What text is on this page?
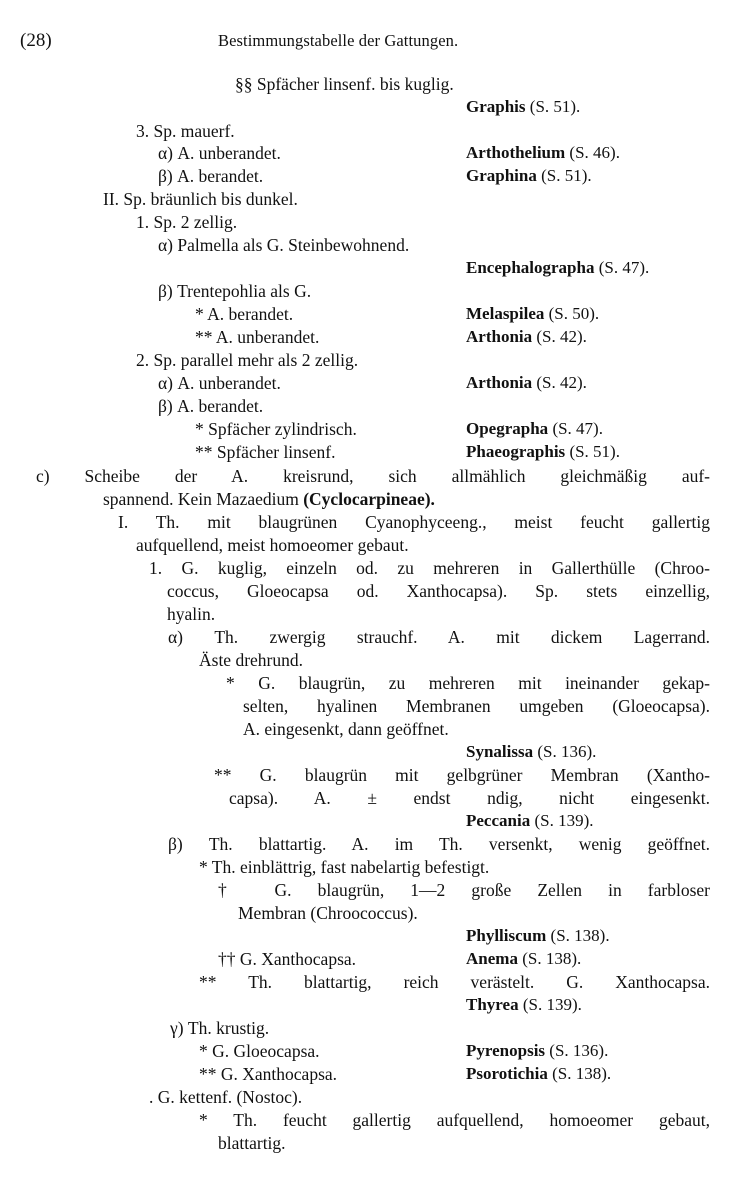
(28)	Bestimmungstabelle der Gattungen.
§§ Spfächer linsenf. bis kuglig.
Graphis (S. 51).
3. Sp. mauerf.
α) A. unberandet.	Arthothelium (S. 46).
β) A. berandet.	Graphina (S. 51).
II. Sp. bräunlich bis dunkel.
1. Sp. 2 zellig.
α) Palmella als G. Steinbewohnend.
Encephalographa (S. 47).
β) Trentepohlia als G.
* A. berandet.	Melaspilea (S. 50).
** A. unberandet.	Arthonia (S. 42).
2. Sp. parallel mehr als 2 zellig.
α) A. unberandet.	Arthonia (S. 42).
β) A. berandet.
* Spfächer zylindrisch.	Opegrapha (S. 47).
** Spfächer linsenf.	Phaeographis (S. 51).
c) Scheibe der A. kreisrund, sich allmählich gleichmäßig auf-
spannend. Kein Mazaedium (Cyclocarpineae).
I. Th. mit blaugrünen Cyanophyceeng., meist feucht gallertig
aufquellend, meist homoeomer gebaut.
1. G. kuglig, einzeln od. zu mehreren in Gallerthülle (Chroo-
coccus, Gloeocapsa od. Xanthocapsa). Sp. stets einzellig,
hyalin.
α) Th. zwergig strauchf. A. mit dickem Lagerrand.
Äste drehrund.
* G. blaugrün, zu mehreren mit ineinander gekap-
selten, hyalinen Membranen umgeben (Gloeocapsa).
A. eingesenkt, dann geöffnet.
Synalissa (S. 136).
** G. blaugrün mit gelbgrüner Membran (Xantho-
capsa). A. ± endst ndig, nicht eingesenkt.
Peccania (S. 139).
β) Th. blattartig. A. im Th. versenkt, wenig geöffnet.
* Th. einblättrig, fast nabelartig befestigt.
† G. blaugrün, 1—2 große Zellen in farbloser
Membran (Chroococcus).
Phylliscum (S. 138).
†† G. Xanthocapsa.	Anema (S. 138).
** Th. blattartig, reich verästelt. G. Xanthocapsa.
Thyrea (S. 139).
γ) Th. krustig.
* G. Gloeocapsa.	Pyrenopsis (S. 136).
** G. Xanthocapsa.	Psorotichia (S. 138).
. G. kettenf. (Nostoc).
* Th. feucht gallertig aufquellend, homoeomer gebaut,
blattartig.
